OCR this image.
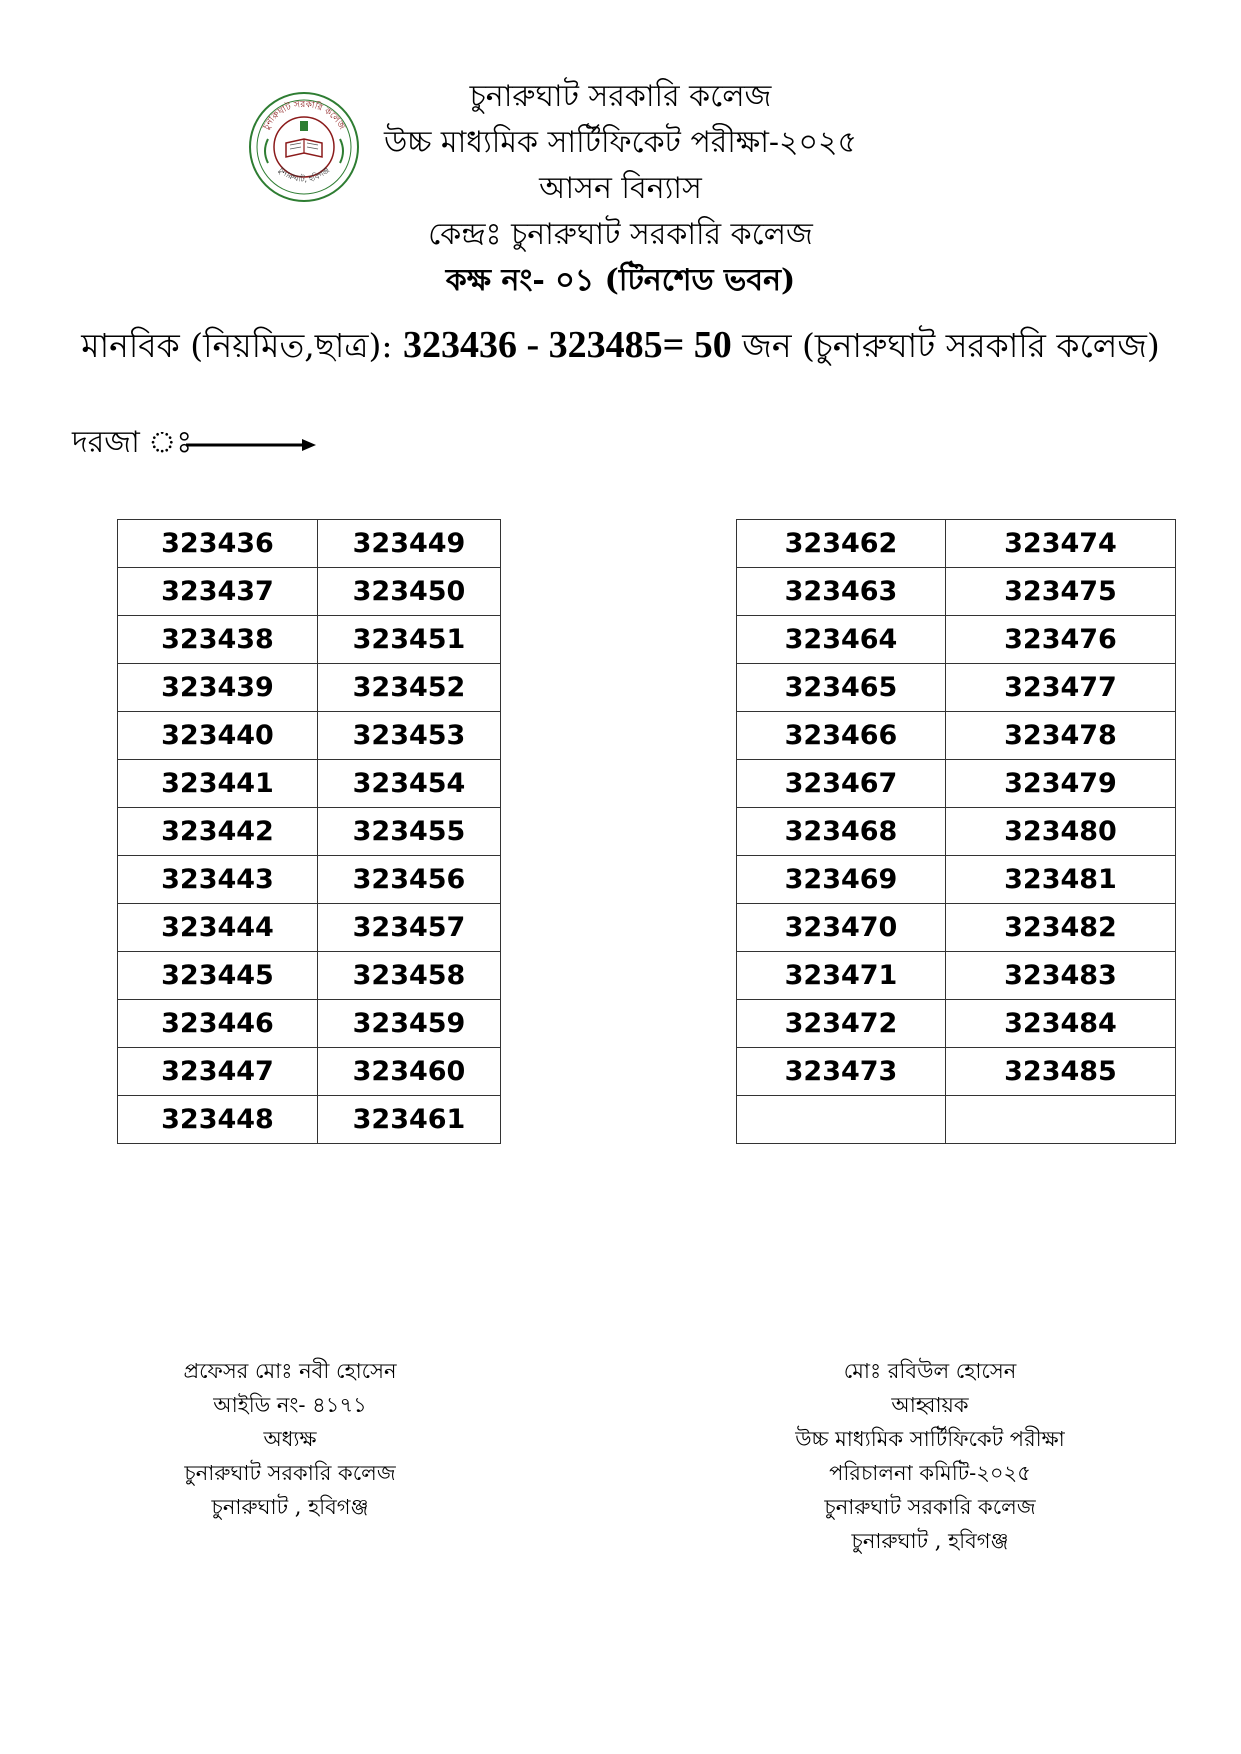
চুনারুঘাট সরকারি কলেজ
চুনারুঘাট, হবিগঞ্জ
চুনারুঘাট সরকারি কলেজ
উচ্চ মাধ্যমিক সার্টিফিকেট পরীক্ষা-২০২৫
আসন বিন্যাস
কেন্দ্রঃ চুনারুঘাট সরকারি কলেজ
কক্ষ নং- ০১ (টিনশেড ভবন)
মানবিক (নিয়মিত,ছাত্র): 323436 - 323485= 50 জন (চুনারুঘাট সরকারি কলেজ)
দরজা ঃ
323436	323449
323437	323450
323438	323451
323439	323452
323440	323453
323441	323454
323442	323455
323443	323456
323444	323457
323445	323458
323446	323459
323447	323460
323448	323461
323462	323474
323463	323475
323464	323476
323465	323477
323466	323478
323467	323479
323468	323480
323469	323481
323470	323482
323471	323483
323472	323484
323473	323485

প্রফেসর মোঃ নবী হোসেন
আইডি নং- ৪১৭১
অধ্যক্ষ
চুনারুঘাট সরকারি কলেজ
চুনারুঘাট , হবিগঞ্জ
মোঃ রবিউল হোসেন
আহ্বায়ক
উচ্চ মাধ্যমিক সার্টিফিকেট পরীক্ষা
পরিচালনা কমিটি-২০২৫
চুনারুঘাট সরকারি কলেজ
চুনারুঘাট , হবিগঞ্জ
